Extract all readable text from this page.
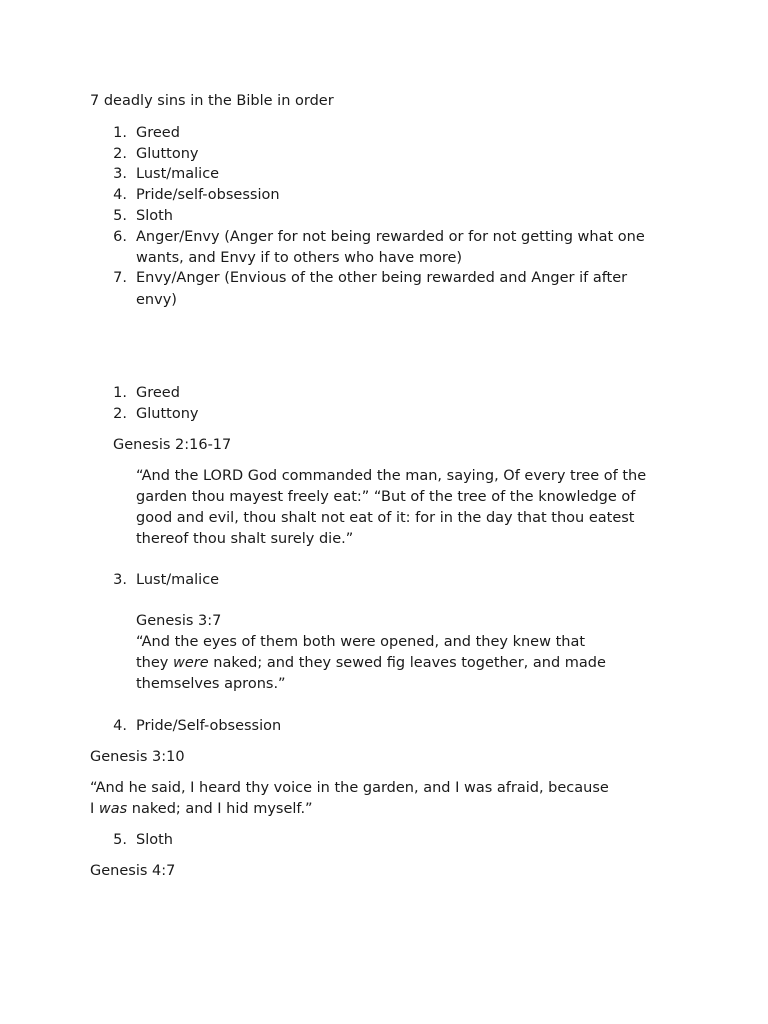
7 deadly sins in the Bible in order
1. Greed
2. Gluttony
3. Lust/malice
4. Pride/self-obsession
5. Sloth
6. Anger/Envy (Anger for not being rewarded or for not getting what one
wants, and Envy if to others who have more)
7. Envy/Anger (Envious of the other being rewarded and Anger if after
envy)
1. Greed
2. Gluttony
Genesis 2:16-17
“And the LORD God commanded the man, saying, Of every tree of the
garden thou mayest freely eat:” “But of the tree of the knowledge of
good and evil, thou shalt not eat of it: for in the day that thou eatest
thereof thou shalt surely die.”
3. Lust/malice
Genesis 3:7
“And the eyes of them both were opened, and they knew that
they were naked; and they sewed fig leaves together, and made
themselves aprons.”
4. Pride/Self-obsession
Genesis 3:10
“And he said, I heard thy voice in the garden, and I was afraid, because
I was naked; and I hid myself.”
5. Sloth
Genesis 4:7
